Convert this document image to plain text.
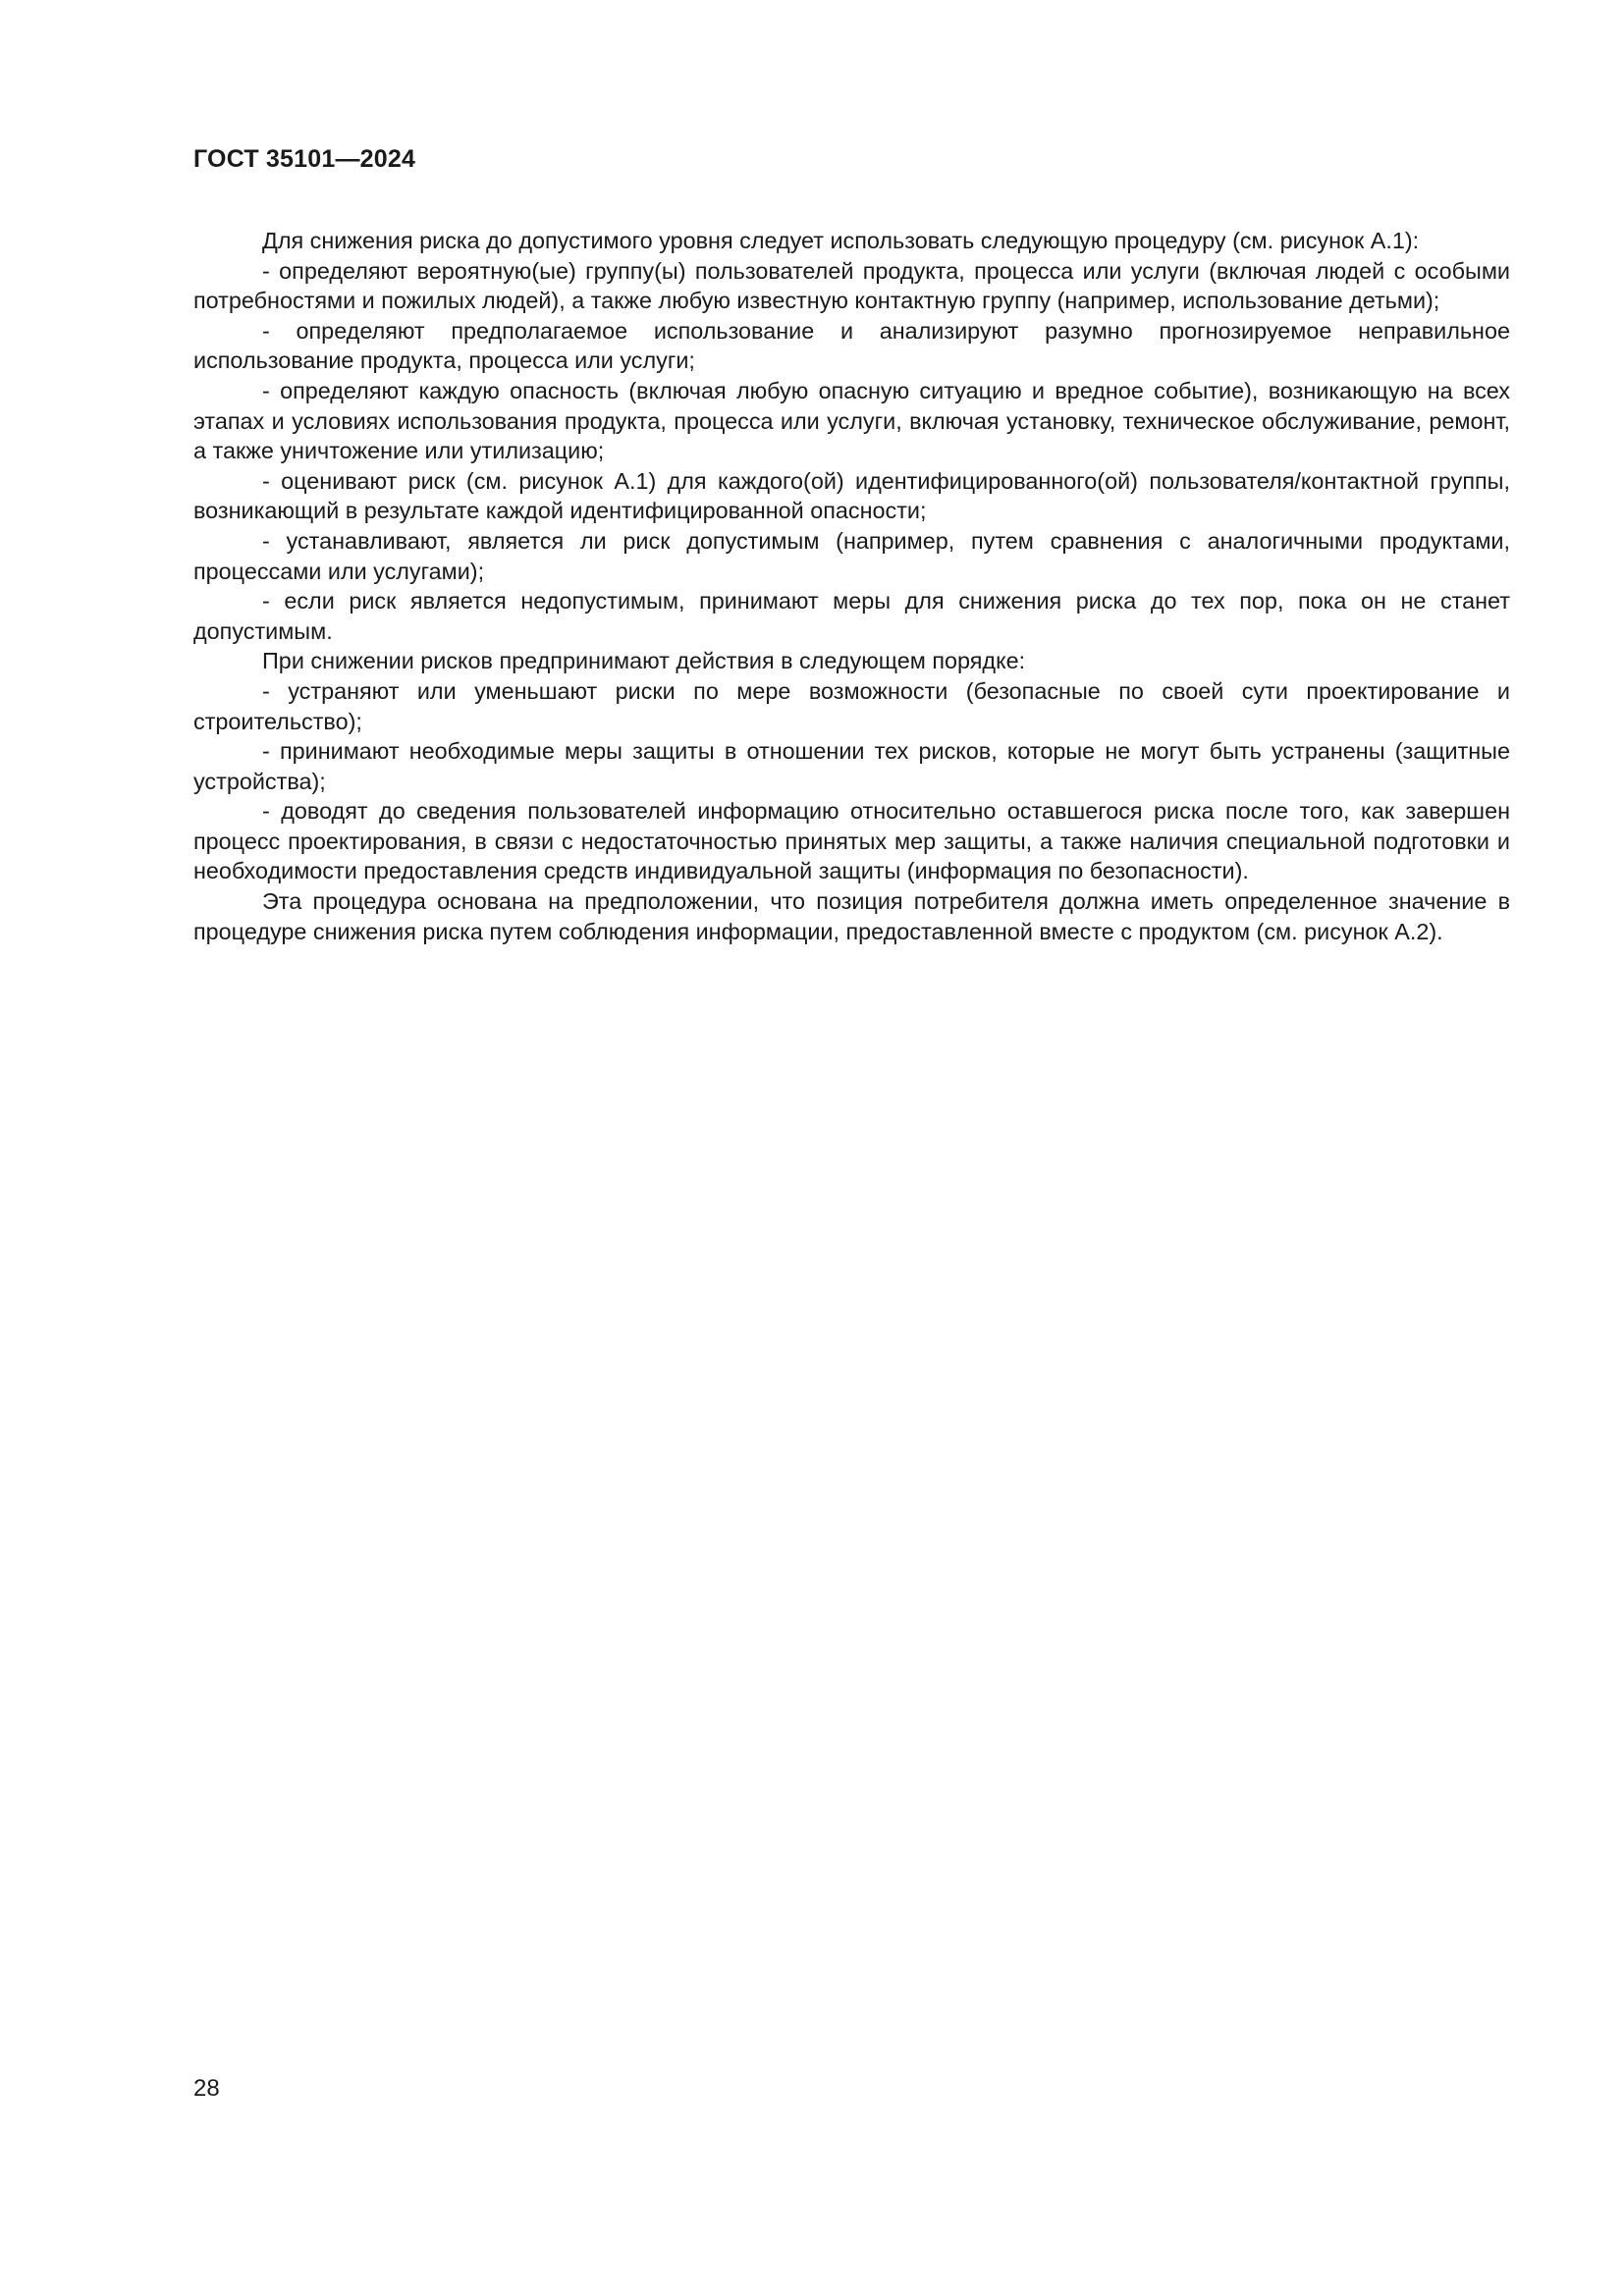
ГОСТ 35101—2024

Для снижения риска до допустимого уровня следует использовать следующую процедуру (см. рисунок А.1):

- определяют вероятную(ые) группу(ы) пользователей продукта, процесса или услуги (включая людей с особыми потребностями и пожилых людей), а также любую известную контактную группу (например, использование детьми);

- определяют предполагаемое использование и анализируют разумно прогнозируемое неправильное использование продукта, процесса или услуги;

- определяют каждую опасность (включая любую опасную ситуацию и вредное событие), возникающую на всех этапах и условиях использования продукта, процесса или услуги, включая установку, техническое обслуживание, ремонт, а также уничтожение или утилизацию;

- оценивают риск (см. рисунок А.1) для каждого(ой) идентифицированного(ой) пользователя/контактной группы, возникающий в результате каждой идентифицированной опасности;

- устанавливают, является ли риск допустимым (например, путем сравнения с аналогичными продуктами, процессами или услугами);

- если риск является недопустимым, принимают меры для снижения риска до тех пор, пока он не станет допустимым.

При снижении рисков предпринимают действия в следующем порядке:

- устраняют или уменьшают риски по мере возможности (безопасные по своей сути проектирование и строительство);

- принимают необходимые меры защиты в отношении тех рисков, которые не могут быть устранены (защитные устройства);

- доводят до сведения пользователей информацию относительно оставшегося риска после того, как завершен процесс проектирования, в связи с недостаточностью принятых мер защиты, а также наличия специальной подготовки и необходимости предоставления средств индивидуальной защиты (информация по безопасности).

Эта процедура основана на предположении, что позиция потребителя должна иметь определенное значение в процедуре снижения риска путем соблюдения информации, предоставленной вместе с продуктом (см. рисунок А.2).

28
